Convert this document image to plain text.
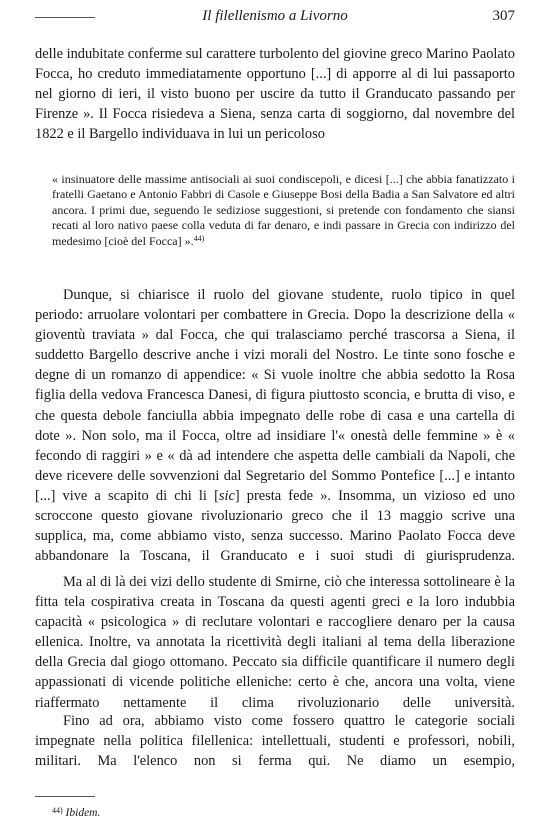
Il filellenismo a Livorno	307

delle indubitate conferme sul carattere turbolento del giovine greco Marino Paolato Focca, ho creduto immediatamente opportuno [...] di apporre al di lui passaporto nel giorno di ieri, il visto buono per uscire da tutto il Granducato passando per Firenze ». Il Focca risiedeva a Siena, senza carta di soggiorno, dal novembre del 1822 e il Bargello individuava in lui un pericoloso

« insinuatore delle massime antisociali ai suoi condiscepoli, e dicesi [...] che abbia fanatizzato i fratelli Gaetano e Antonio Fabbri di Casole e Giuseppe Bosi della Badia a San Salvatore ed altri ancora. I primi due, seguendo le sediziose suggestioni, si pretende con fondamento che siansi recati al loro nativo paese colla veduta di far denaro, e indi passare in Grecia con indirizzo del medesimo [cioè del Focca] ».$^{44)}$

Dunque, si chiarisce il ruolo del giovane studente, ruolo tipico in quel periodo: arruolare volontari per combattere in Grecia. Dopo la descrizione della « gioventù traviata » dal Focca, che qui tralasciamo perché trascorsa a Siena, il suddetto Bargello descrive anche i vizi morali del Nostro. Le tinte sono fosche e degne di un romanzo di appendice: « Si vuole inoltre che abbia sedotto la Rosa figlia della vedova Francesca Danesi, di figura piuttosto sconcia, e brutta di viso, e che questa debole fanciulla abbia impegnato delle robe di casa e una cartella di dote ». Non solo, ma il Focca, oltre ad insidiare l'« onestà delle femmine » è « fecondo di raggiri » e « dà ad intendere che aspetta delle cambiali da Napoli, che deve ricevere delle sovvenzioni dal Segretario del Sommo Pontefice [...] e intanto [...] vive a scapito di chi li [sic] presta fede ». Insomma, un vizioso ed uno scroccone questo giovane rivoluzionario greco che il 13 maggio scrive una supplica, ma, come abbiamo visto, senza successo. Marino Paolato Focca deve abbandonare la Toscana, il Granducato e i suoi studi di giurisprudenza.

Ma al di là dei vizi dello studente di Smirne, ciò che interessa sottolineare è la fitta tela cospirativa creata in Toscana da questi agenti greci e la loro indubbia capacità « psicologica » di reclutare volontari e raccogliere denaro per la causa ellenica. Inoltre, va annotata la ricettività degli italiani al tema della liberazione della Grecia dal giogo ottomano. Peccato sia difficile quantificare il numero degli appassionati di vicende politiche elleniche: certo è che, ancora una volta, viene riaffermato nettamente il clima rivoluzionario delle università.

Fino ad ora, abbiamo visto come fossero quattro le categorie sociali impegnate nella politica filellenica: intellettuali, studenti e professori, nobili, militari. Ma l'elenco non si ferma qui. Ne diamo un esempio,

$^{44)}$ Ibidem.
